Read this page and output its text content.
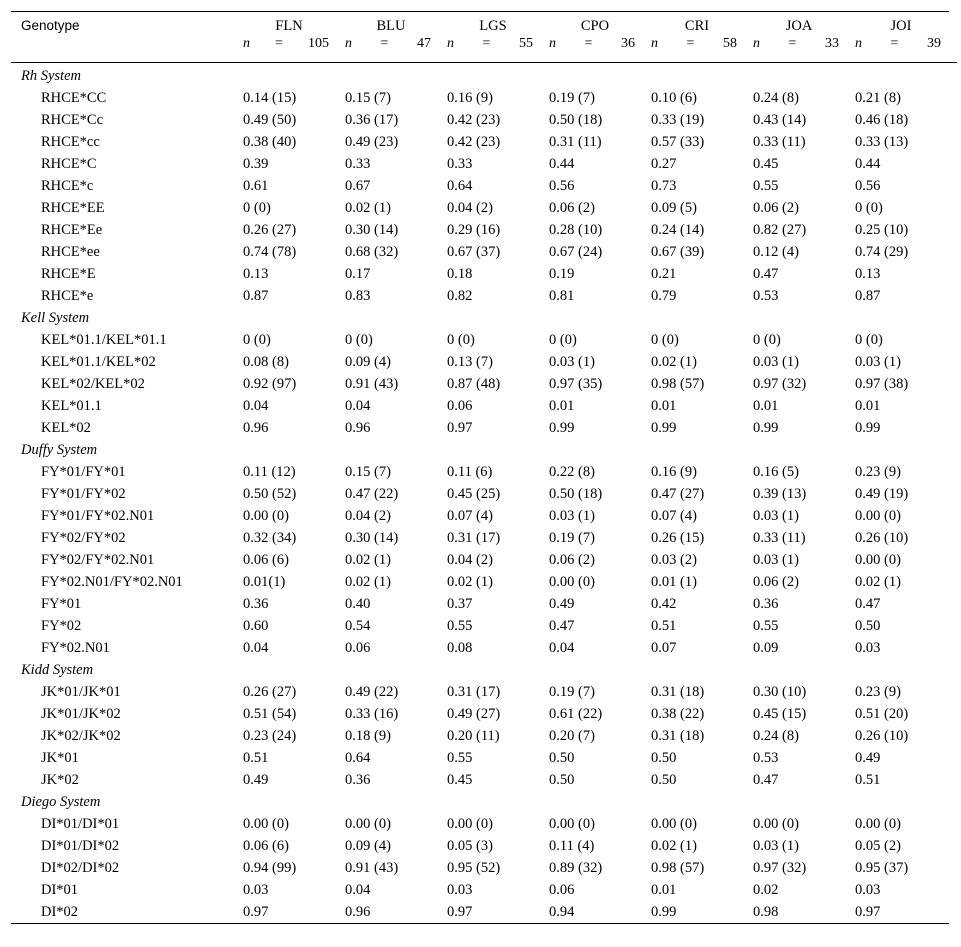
Genotype	FLN	BLU	LGS	CPO	CRI	JOA	JOI

	n = 105	n = 47	n = 55	n = 36	n = 58	n = 33	n = 39

Rh System							
RHCE*CC	0.14 (15)	0.15 (7)	0.16 (9)	0.19 (7)	0.10 (6)	0.24 (8)	0.21 (8)
RHCE*Cc	0.49 (50)	0.36 (17)	0.42 (23)	0.50 (18)	0.33 (19)	0.43 (14)	0.46 (18)
RHCE*cc	0.38 (40)	0.49 (23)	0.42 (23)	0.31 (11)	0.57 (33)	0.33 (11)	0.33 (13)
RHCE*C	0.39	0.33	0.33	0.44	0.27	0.45	0.44
RHCE*c	0.61	0.67	0.64	0.56	0.73	0.55	0.56
RHCE*EE	0 (0)	0.02 (1)	0.04 (2)	0.06 (2)	0.09 (5)	0.06 (2)	0 (0)
RHCE*Ee	0.26 (27)	0.30 (14)	0.29 (16)	0.28 (10)	0.24 (14)	0.82 (27)	0.25 (10)
RHCE*ee	0.74 (78)	0.68 (32)	0.67 (37)	0.67 (24)	0.67 (39)	0.12 (4)	0.74 (29)
RHCE*E	0.13	0.17	0.18	0.19	0.21	0.47	0.13
RHCE*e	0.87	0.83	0.82	0.81	0.79	0.53	0.87
Kell System							
KEL*01.1/KEL*01.1	0 (0)	0 (0)	0 (0)	0 (0)	0 (0)	0 (0)	0 (0)
KEL*01.1/KEL*02	0.08 (8)	0.09 (4)	0.13 (7)	0.03 (1)	0.02 (1)	0.03 (1)	0.03 (1)
KEL*02/KEL*02	0.92 (97)	0.91 (43)	0.87 (48)	0.97 (35)	0.98 (57)	0.97 (32)	0.97 (38)
KEL*01.1	0.04	0.04	0.06	0.01	0.01	0.01	0.01
KEL*02	0.96	0.96	0.97	0.99	0.99	0.99	0.99
Duffy System							
FY*01/FY*01	0.11 (12)	0.15 (7)	0.11 (6)	0.22 (8)	0.16 (9)	0.16 (5)	0.23 (9)
FY*01/FY*02	0.50 (52)	0.47 (22)	0.45 (25)	0.50 (18)	0.47 (27)	0.39 (13)	0.49 (19)
FY*01/FY*02.N01	0.00 (0)	0.04 (2)	0.07 (4)	0.03 (1)	0.07 (4)	0.03 (1)	0.00 (0)
FY*02/FY*02	0.32 (34)	0.30 (14)	0.31 (17)	0.19 (7)	0.26 (15)	0.33 (11)	0.26 (10)
FY*02/FY*02.N01	0.06 (6)	0.02 (1)	0.04 (2)	0.06 (2)	0.03 (2)	0.03 (1)	0.00 (0)
FY*02.N01/FY*02.N01	0.01(1)	0.02 (1)	0.02 (1)	0.00 (0)	0.01 (1)	0.06 (2)	0.02 (1)
FY*01	0.36	0.40	0.37	0.49	0.42	0.36	0.47
FY*02	0.60	0.54	0.55	0.47	0.51	0.55	0.50
FY*02.N01	0.04	0.06	0.08	0.04	0.07	0.09	0.03
Kidd System							
JK*01/JK*01	0.26 (27)	0.49 (22)	0.31 (17)	0.19 (7)	0.31 (18)	0.30 (10)	0.23 (9)
JK*01/JK*02	0.51 (54)	0.33 (16)	0.49 (27)	0.61 (22)	0.38 (22)	0.45 (15)	0.51 (20)
JK*02/JK*02	0.23 (24)	0.18 (9)	0.20 (11)	0.20 (7)	0.31 (18)	0.24 (8)	0.26 (10)
JK*01	0.51	0.64	0.55	0.50	0.50	0.53	0.49
JK*02	0.49	0.36	0.45	0.50	0.50	0.47	0.51
Diego System							
DI*01/DI*01	0.00 (0)	0.00 (0)	0.00 (0)	0.00 (0)	0.00 (0)	0.00 (0)	0.00 (0)
DI*01/DI*02	0.06 (6)	0.09 (4)	0.05 (3)	0.11 (4)	0.02 (1)	0.03 (1)	0.05 (2)
DI*02/DI*02	0.94 (99)	0.91 (43)	0.95 (52)	0.89 (32)	0.98 (57)	0.97 (32)	0.95 (37)
DI*01	0.03	0.04	0.03	0.06	0.01	0.02	0.03
DI*02	0.97	0.96	0.97	0.94	0.99	0.98	0.97
